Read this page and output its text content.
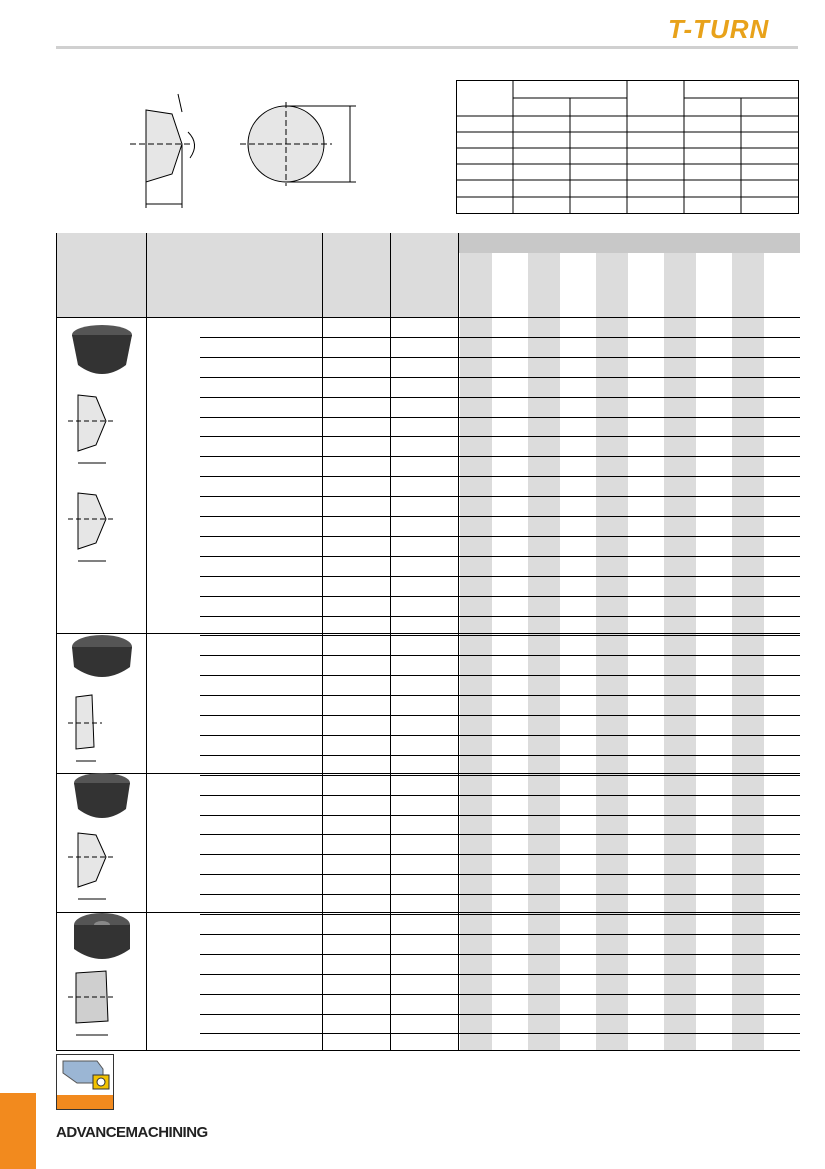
T-TURN
ADVANCEMACHINING
